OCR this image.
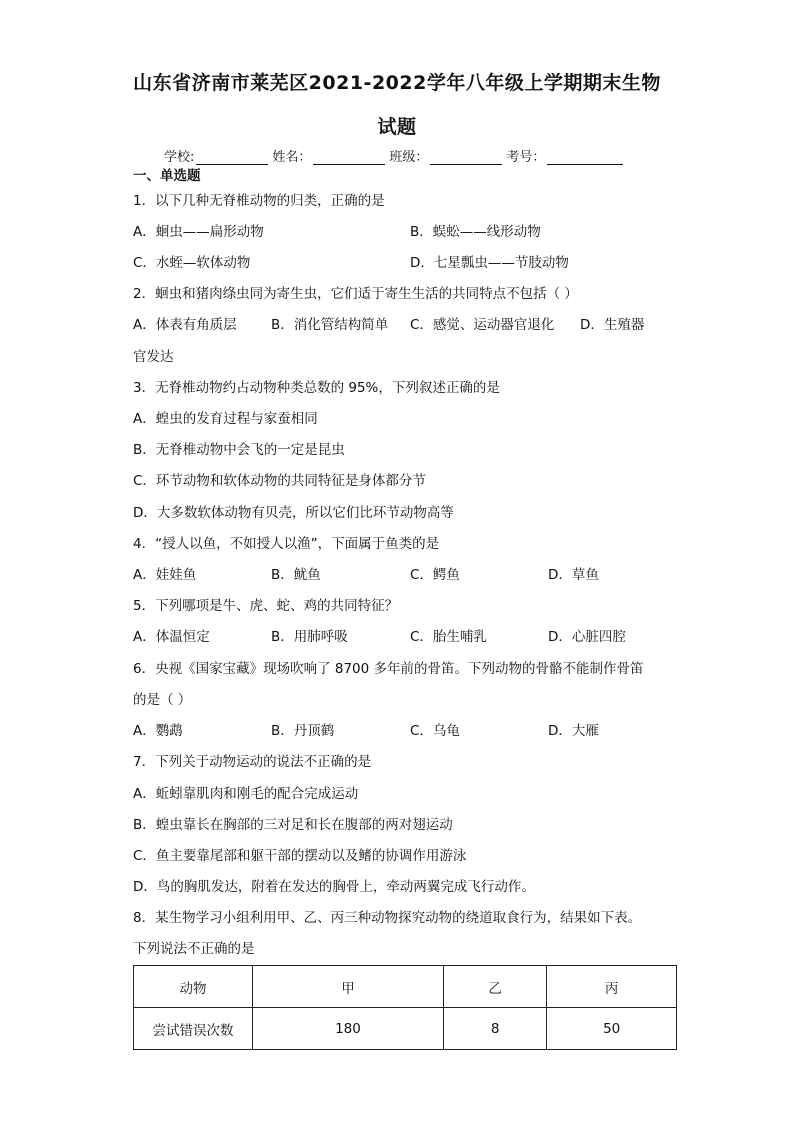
山东省济南市莱芜区2021-2022学年八年级上学期期末生物
试题
学校:	姓名：	班级：	考号：
一、单选题
1．以下几种无脊椎动物的归类，正确的是
A．蛔虫——扁形动物	B．蜈蚣——线形动物
C．水蛭—软体动物	D．七星瓢虫——节肢动物
2．蛔虫和猪肉绦虫同为寄生虫，它们适于寄生生活的共同特点不包括（ ）
A．体表有角质层	B．消化管结构简单 C．感觉、运动器官退化 D．生殖器
官发达
3．无脊椎动物约占动物种类总数的 95%，下列叙述正确的是
A．蝗虫的发育过程与家蚕相同
B．无脊椎动物中会飞的一定是昆虫
C．环节动物和软体动物的共同特征是身体都分节
D．大多数软体动物有贝壳，所以它们比环节动物高等
4．“授人以鱼，不如授人以渔”，下面属于鱼类的是
A．娃娃鱼	B．鱿鱼	C．鳄鱼	D．草鱼
5．下列哪项是牛、虎、蛇、鸡的共同特征？
A．体温恒定	B．用肺呼吸	C．胎生哺乳	D．心脏四腔
6．央视《国家宝藏》现场吹响了 8700 多年前的骨笛。下列动物的骨骼不能制作骨笛
的是（ ）
A．鹦鹉	B．丹顶鹤	C．乌龟	D．大雁
7．下列关于动物运动的说法不正确的是
A．蚯蚓靠肌肉和刚毛的配合完成运动
B．蝗虫靠长在胸部的三对足和长在腹部的两对翅运动
C．鱼主要靠尾部和躯干部的摆动以及鳍的协调作用游泳
D．鸟的胸肌发达，附着在发达的胸骨上，牵动两翼完成飞行动作。
8．某生物学习小组利用甲、乙、丙三种动物探究动物的绕道取食行为，结果如下表。
下列说法不正确的是
动物	甲	乙	丙
尝试错误次数	180	8	50
